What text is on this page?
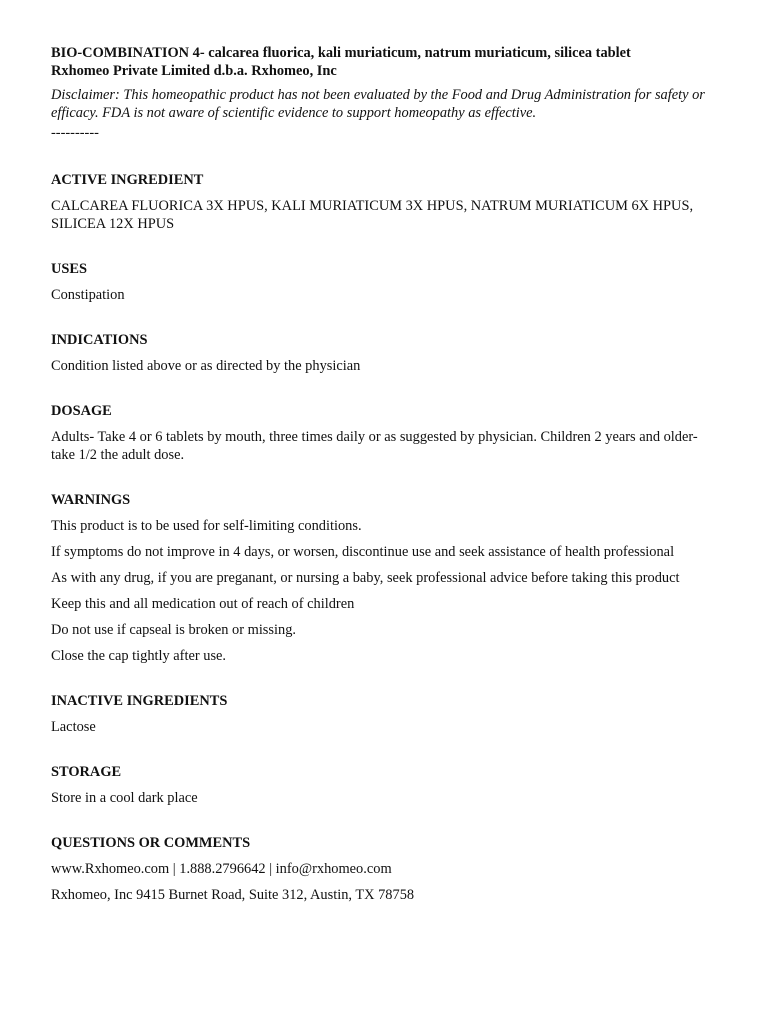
BIO-COMBINATION 4- calcarea fluorica, kali muriaticum, natrum muriaticum, silicea tablet

Rxhomeo Private Limited d.b.a. Rxhomeo, Inc

Disclaimer: This homeopathic product has not been evaluated by the Food and Drug Administration for safety or efficacy. FDA is not aware of scientific evidence to support homeopathy as effective.

----------

ACTIVE INGREDIENT

CALCAREA FLUORICA 3X HPUS, KALI MURIATICUM 3X HPUS, NATRUM MURIATICUM 6X HPUS, SILICEA 12X HPUS

USES

Constipation

INDICATIONS

Condition listed above or as directed by the physician

DOSAGE

Adults- Take 4 or 6 tablets by mouth, three times daily or as suggested by physician. Children 2 years and older- take 1/2 the adult dose.

WARNINGS

This product is to be used for self-limiting conditions.

If symptoms do not improve in 4 days, or worsen, discontinue use and seek assistance of health professional

As with any drug, if you are preganant, or nursing a baby, seek professional advice before taking this product

Keep this and all medication out of reach of children

Do not use if capseal is broken or missing.

Close the cap tightly after use.

INACTIVE INGREDIENTS

Lactose

STORAGE

Store in a cool dark place

QUESTIONS OR COMMENTS

www.Rxhomeo.com | 1.888.2796642 | info@rxhomeo.com

Rxhomeo, Inc 9415 Burnet Road, Suite 312, Austin, TX 78758
